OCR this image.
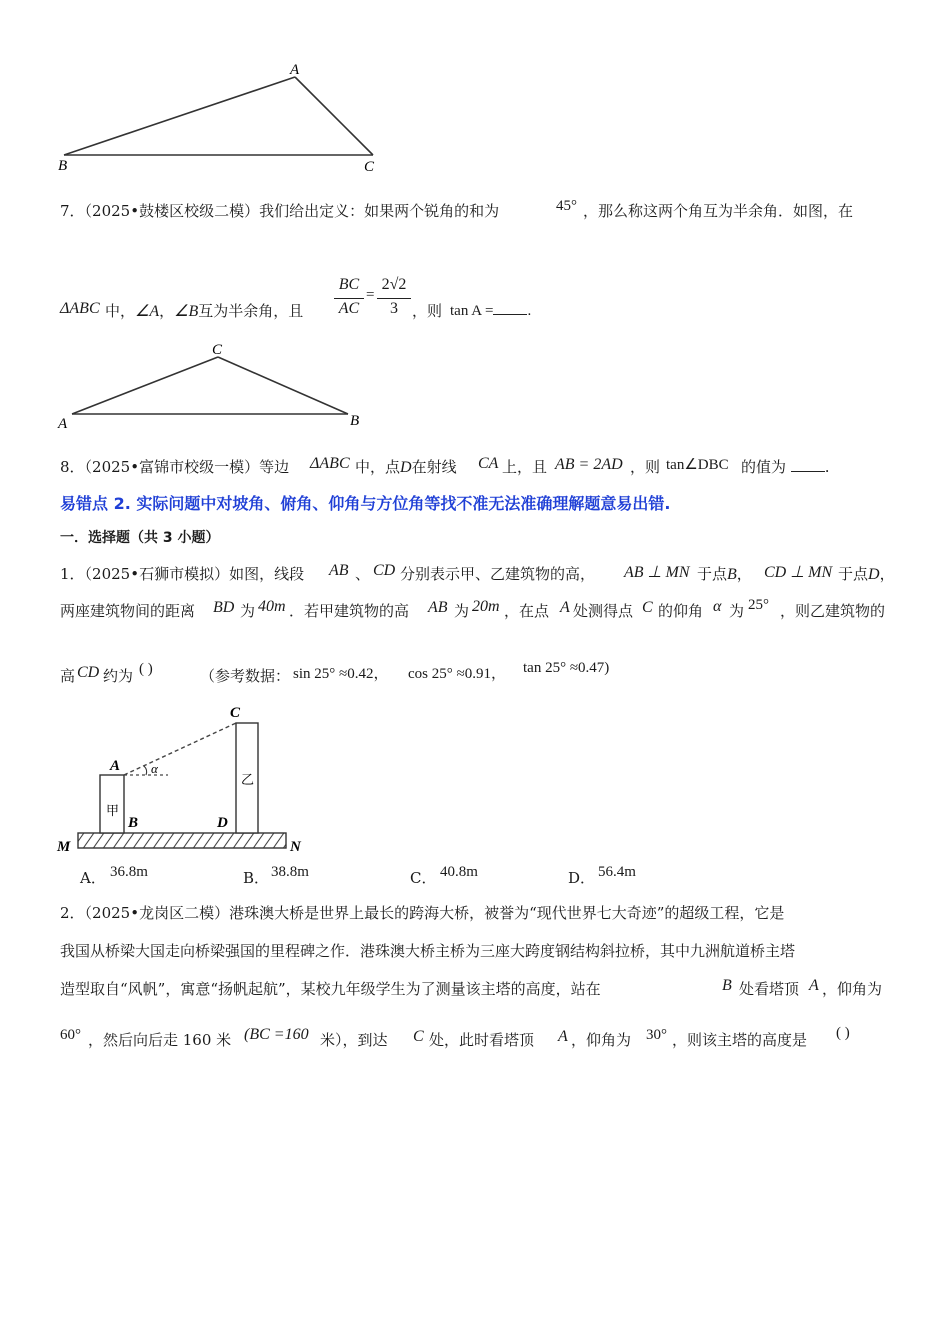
A
B	C
7．（2025•鼓楼区校级二模）我们给出定义：如果两个锐角的和为	45° ，那么称这两个角互为半余角．如图，在
ΔABC 中，∠A，∠B互为半余角，且
BC
AC
=
2√2
3 ，则 tan A = .
C
A	B
8．（2025•富锦市校级一模）等边 ΔABC 中，点D在射线 CA 上，且 AB = 2AD ，则 tan∠DBC 的值为	.
易错点 2. 实际问题中对坡角、俯角、仰角与方位角等找不准无法准确理解题意易出错.
一．选择题（共 3 小题）
1．（2025•石狮市模拟）如图，线段 AB 、 CD 分别表示甲、乙建筑物的高， AB ⊥ MN 于点B， CD ⊥ MN 于点D，
两座建筑物间的距离 BD 为 40m ．若甲建筑物的高 AB 为 20m ，在点 A 处测得点 C 的仰角 α 为 25° ，则乙建筑物的
高 CD 约为 ( )	（参考数据： sin 25° ≈0.42， cos 25° ≈0.91， tan 25° ≈0.47)
α
甲
乙
A
C
B	D
M	N
A． 36.8m	B． 38.8m	C． 40.8m	D． 56.4m
2．（2025•龙岗区二模）港珠澳大桥是世界上最长的跨海大桥，被誉为“现代世界七大奇迹”的超级工程，它是
我国从桥梁大国走向桥梁强国的里程碑之作．港珠澳大桥主桥为三座大跨度钢结构斜拉桥，其中九洲航道桥主塔
造型取自“风帆”，寓意“扬帆起航”，某校九年级学生为了测量该主塔的高度，站在	B 处看塔顶 A ，仰角为
60° ，然后向后走 160 米 (BC =160 米），到达 C 处，此时看塔顶 A ，仰角为 30° ，则该主塔的高度是 ( )
